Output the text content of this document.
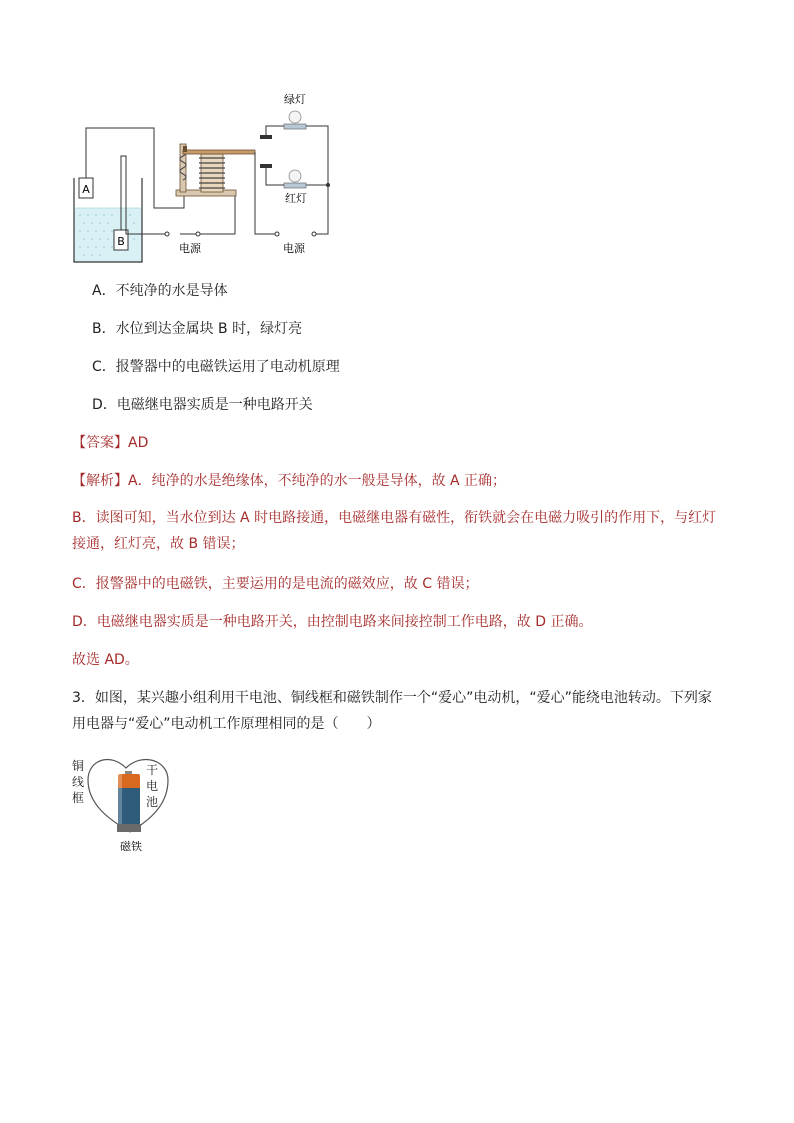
A
B
电源
绿灯
红灯
电源
A．不纯净的水是导体
B．水位到达金属块 B 时，绿灯亮
C．报警器中的电磁铁运用了电动机原理
D．电磁继电器实质是一种电路开关
【答案】AD
【解析】A．纯净的水是绝缘体，不纯净的水一般是导体，故 A 正确；
B．读图可知，当水位到达 A 时电路接通，电磁继电器有磁性，衔铁就会在电磁力吸引的作用下，与红灯接通，红灯亮，故 B 错误；
C．报警器中的电磁铁，主要运用的是电流的磁效应，故 C 错误；
D．电磁继电器实质是一种电路开关，由控制电路来间接控制工作电路，故 D 正确。
故选 AD。
3．如图，某兴趣小组利用干电池、铜线框和磁铁制作一个“爱心”电动机，“爱心”能绕电池转动。下列家用电器与“爱心”电动机工作原理相同的是（　　）
磁铁
铜线框
干电池
